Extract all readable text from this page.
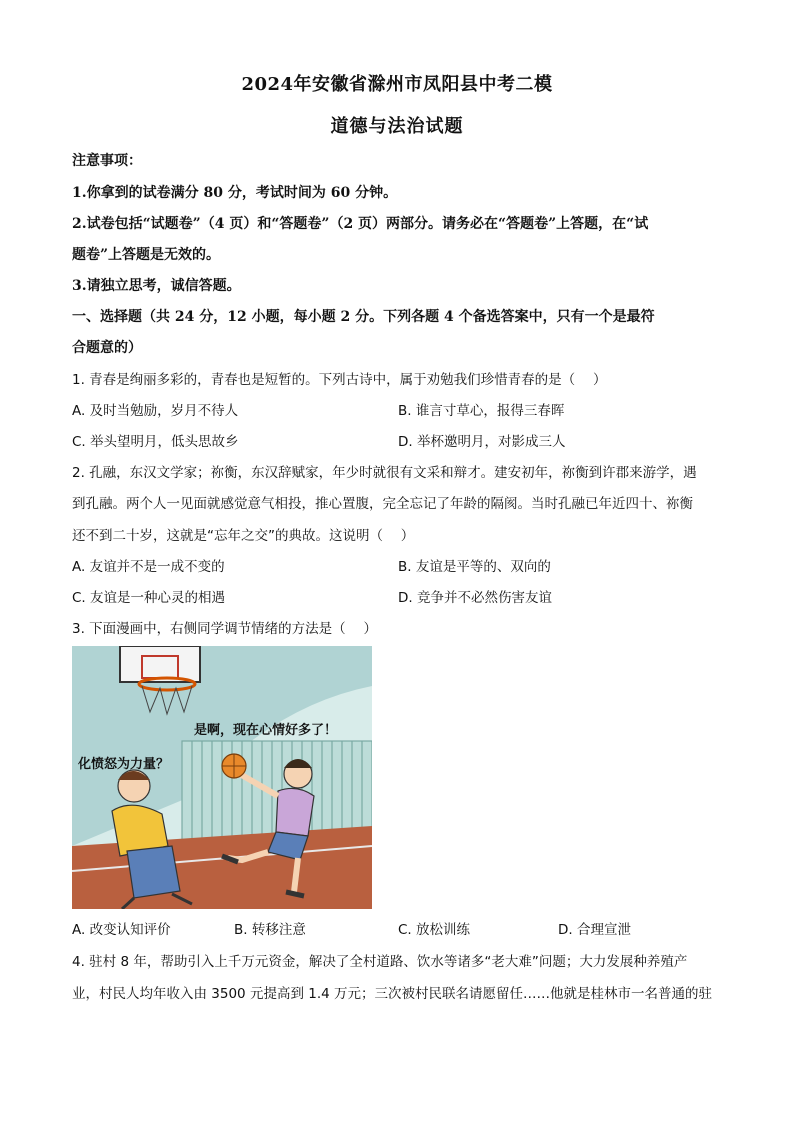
2024年安徽省滁州市凤阳县中考二模
道德与法治试题
注意事项：
1.你拿到的试卷满分 80 分，考试时间为 60 分钟。
2.试卷包括“试题卷”（4 页）和“答题卷”（2 页）两部分。请务必在“答题卷”上答题，在“试
题卷”上答题是无效的。
3.请独立思考，诚信答题。
一、选择题（共 24 分，12 小题，每小题 2 分。下列各题 4 个备选答案中，只有一个是最符
合题意的）
1. 青春是绚丽多彩的，青春也是短暂的。下列古诗中，属于劝勉我们珍惜青春的是（　 ）
A. 及时当勉励，岁月不待人	B. 谁言寸草心，报得三春晖
C. 举头望明月，低头思故乡	D. 举杯邀明月，对影成三人
2. 孔融，东汉文学家；祢衡，东汉辞赋家，年少时就很有文采和辩才。建安初年，祢衡到许郡来游学，遇
到孔融。两个人一见面就感觉意气相投，推心置腹，完全忘记了年龄的隔阂。当时孔融已年近四十、祢衡
还不到二十岁，这就是“忘年之交”的典故。这说明（　 ）
A. 友谊并不是一成不变的	B. 友谊是平等的、双向的
C. 友谊是一种心灵的相遇	D. 竞争并不必然伤害友谊
3. 下面漫画中，右侧同学调节情绪的方法是（　 ）
是啊，现在心情好多了！
化愤怒为力量？
A. 改变认知评价	B. 转移注意	C. 放松训练	D. 合理宣泄
4. 驻村 8 年，帮助引入上千万元资金，解决了全村道路、饮水等诸多“老大难”问题；大力发展种养殖产
业，村民人均年收入由 3500 元提高到 1.4 万元；三次被村民联名请愿留任……他就是桂林市一名普通的驻
